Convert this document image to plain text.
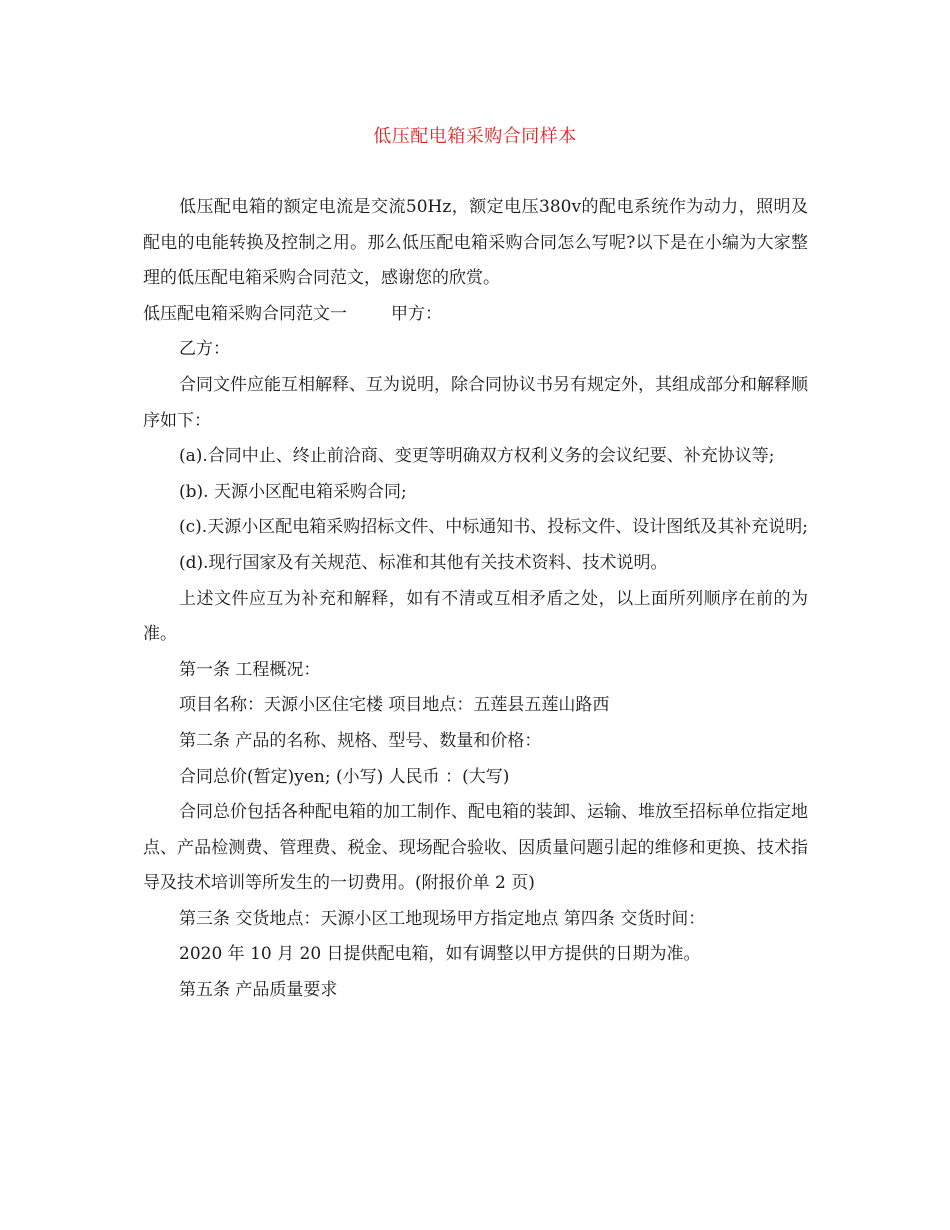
低压配电箱采购合同样本

低压配电箱的额定电流是交流50Hz，额定电压380v的配电系统作为动力，照明及配电的电能转换及控制之用。那么低压配电箱采购合同怎么写呢?以下是在小编为大家整理的低压配电箱采购合同范文，感谢您的欣赏。

低压配电箱采购合同范文一	甲方：

乙方：

合同文件应能互相解释、互为说明，除合同协议书另有规定外，其组成部分和解释顺序如下：

(a).合同中止、终止前洽商、变更等明确双方权利义务的会议纪要、补充协议等;

(b). 天源小区配电箱采购合同;

(c).天源小区配电箱采购招标文件、中标通知书、投标文件、设计图纸及其补充说明;

(d).现行国家及有关规范、标准和其他有关技术资料、技术说明。

上述文件应互为补充和解释，如有不清或互相矛盾之处，以上面所列顺序在前的为准。

第一条 工程概况：

项目名称：天源小区住宅楼 项目地点：五莲县五莲山路西

第二条 产品的名称、规格、型号、数量和价格：

合同总价(暂定)yen; (小写) 人民币 ：(大写)

合同总价包括各种配电箱的加工制作、配电箱的装卸、运输、堆放至招标单位指定地点、产品检测费、管理费、税金、现场配合验收、因质量问题引起的维修和更换、技术指导及技术培训等所发生的一切费用。(附报价单 2 页)

第三条 交货地点：天源小区工地现场甲方指定地点 第四条 交货时间：

2020 年 10 月 20 日提供配电箱，如有调整以甲方提供的日期为准。

第五条 产品质量要求
